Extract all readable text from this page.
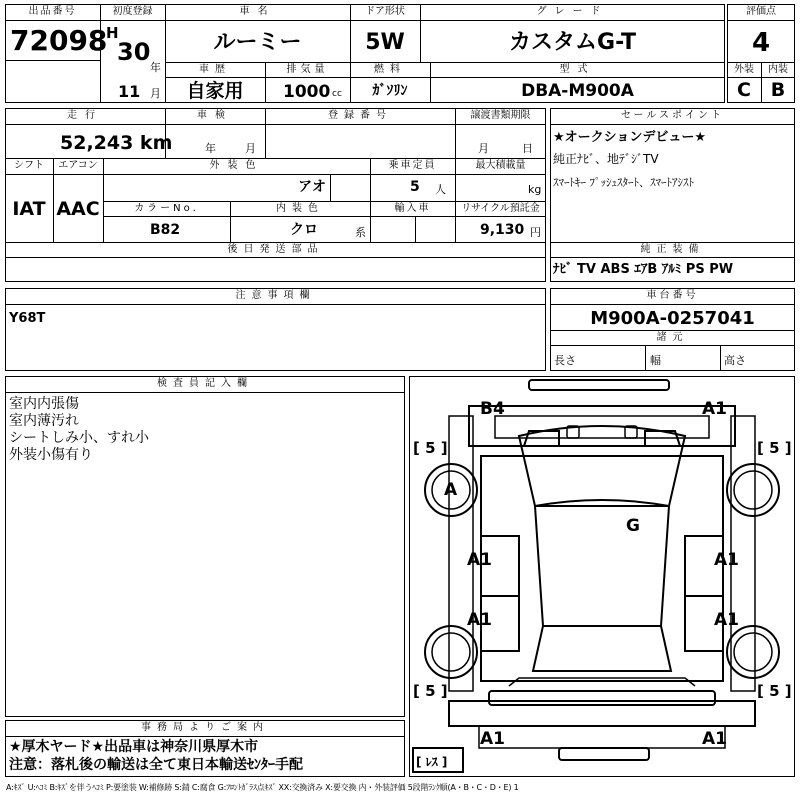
出品番号
72098
初度登録
H
30
年
11 月
車名
ルーミー
ドア形状
5W
グレード
カスタムG-T
評価点
4
車歴
自家用
排気量
1000 cc
燃料
ｶﾞｿﾘﾝ
型式
DBA-M900A
外装	内装
C	B
走行
52,243 km
車検
年	月
登録番号	譲渡書類期限
月	日
シフト	エアコン
IAT AAC
外装色
アオ
乗車定員
5 人
最大積載量
kg
カラーNo.
B82
内装色
クロ	系
輸入車	リサイクル預託金
9,130 円
後日発送部品
セールスポイント
★オークションデビュー★
純正ﾅﾋﾞ、地ﾃﾞｼﾞTV
ｽﾏｰﾄｷｰ ﾌﾟｯｼｭｽﾀｰﾄ、ｽﾏｰﾄｱｼｽﾄ
純正装備
ﾅﾋﾞ TV ABS ｴｱB ｱﾙﾐ PS PW
注意事項欄
Y68T
車台番号
M900A-0257041
諸元
長さ	幅	高さ
検査員記入欄
室内内張傷
室内薄汚れ
シートしみ小、すれ小
外装小傷有り
事務局よりご案内
★厚木ヤード★出品車は神奈川県厚木市
注意：落札後の輸送は全て東日本輸送ｾﾝﾀｰ手配
A:ｷｽﾞ U:ﾍｺﾐ B:ｷｽﾞを伴うﾍｺﾐ P:要塗装 W:補修跡 S:錆 C:腐食 G:ﾌﾛﾝﾄｶﾞﾗｽ点ｷｽﾞ XX:交換済み X:要交換 内・外装評価 5段階ﾗﾝｸ順(A・B・C・D・E) 1
B4	A1
[ 5 ]	[ 5 ]
A
G
A1	A1
A1	A1
[ 5 ]	[ 5 ]
A1	A1
[ ﾚｽ ]
